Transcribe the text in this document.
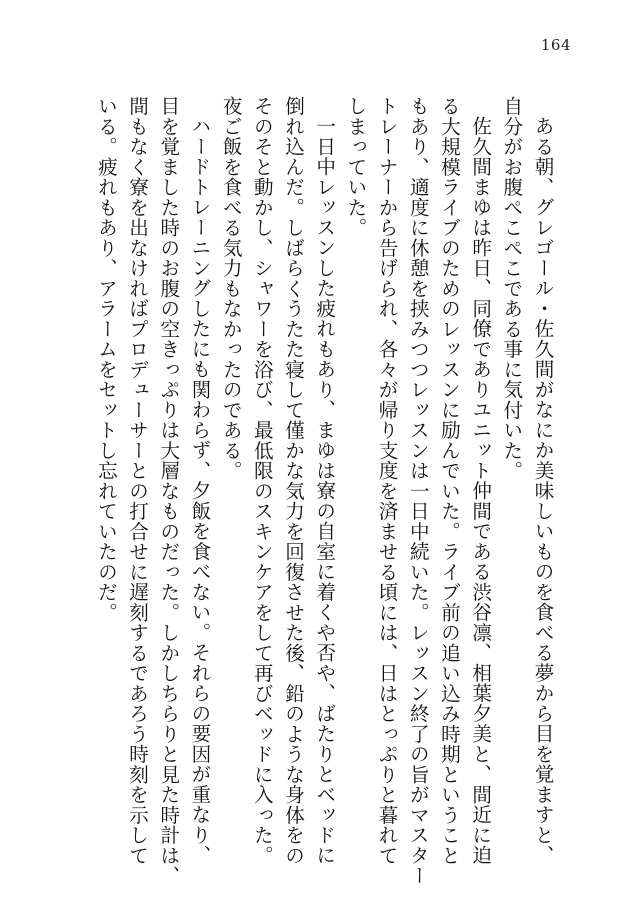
164
ある朝、グレゴール・佐久間がなにか美味しいものを食べる夢から目を覚ますと、
自分がお腹ぺこぺこである事に気付いた。
佐久間まゆは昨日、同僚でありユニット仲間である渋谷凛、相葉夕美と、間近に迫
る大規模ライブのためのレッスンに励んでいた。ライブ前の追い込み時期ということ
もあり、適度に休憩を挟みつつレッスンは一日中続いた。レッスン終了の旨がマスター
トレーナーから告げられ、各々が帰り支度を済ませる頃には、日はとっぷりと暮れて
しまっていた。
一日中レッスンした疲れもあり、まゆは寮の自室に着くや否や、ばたりとベッドに
倒れ込んだ。しばらくうたた寝して僅かな気力を回復させた後、鉛のような身体をの
そのそと動かし、シャワーを浴び、最低限のスキンケアをして再びベッドに入った。
夜ご飯を食べる気力もなかったのである。
ハードトレーニングしたにも関わらず、夕飯を食べない。それらの要因が重なり、
目を覚ました時のお腹の空きっぷりは大層なものだった。しかしちらりと見た時計は、
間もなく寮を出なければプロデューサーとの打合せに遅刻するであろう時刻を示して
いる。疲れもあり、アラームをセットし忘れていたのだ。
